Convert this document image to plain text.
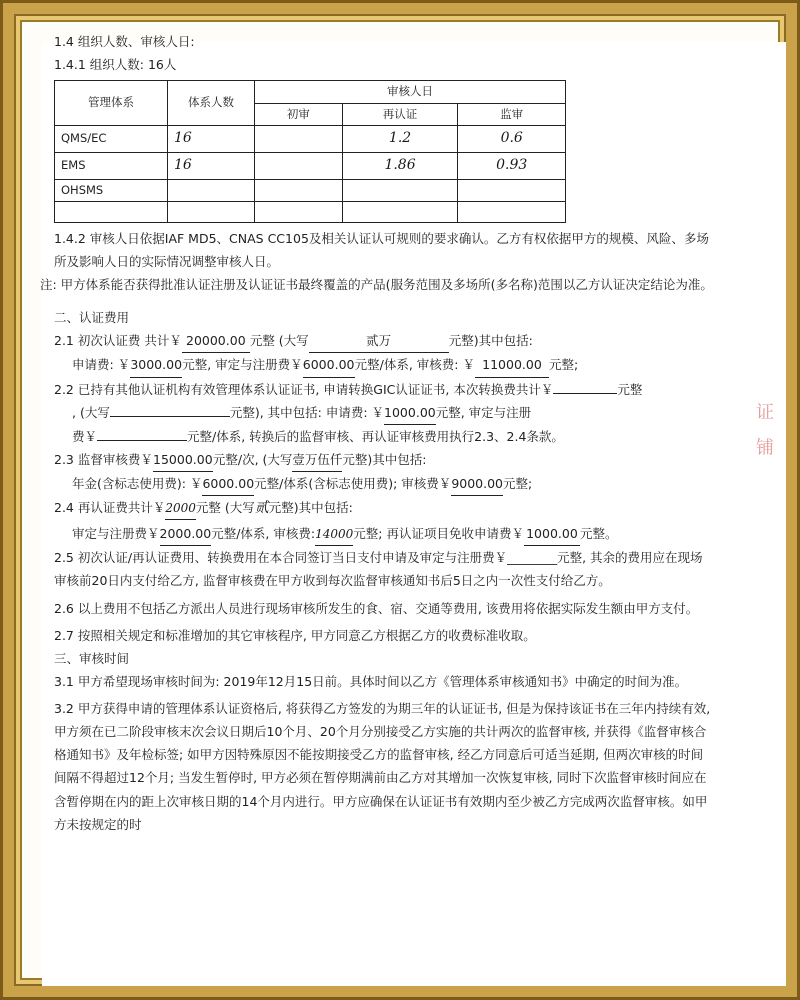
证 铺

1.4 组织人数、审核人日:

1.4.1 组织人数: 16人

管理体系	体系人数	审核人日		
		初审	再认证	监审
QMS/EC	16		1.2	0.6
EMS	16		1.86	0.93
OHSMS				

1.4.2 审核人日依据IAF MD5、CNAS CC105及相关认证认可规则的要求确认。乙方有权依据甲方的规模、风险、多场所及影响人日的实际情况调整审核人日。

注: 甲方体系能否获得批准认证注册及认证证书最终覆盖的产品(服务范围及多场所(多名称)范围以乙方认证决定结论为准。

二、认证费用

2.1 初次认证费 共计￥ 20000.00 元整 (大写	贰万	元整)其中包括:

申请费: ￥3000.00元整, 审定与注册费￥6000.00元整/体系, 审核费: ￥ 11000.00 元整;

2.2 已持有其他认证机构有效管理体系认证证书, 申请转换GIC认证证书, 本次转换费共计￥	元整

, (大写	元整), 其中包括: 申请费: ￥1000.00元整, 审定与注册

费￥	元整/体系, 转换后的监督审核、再认证审核费用执行2.3、2.4条款。

2.3 监督审核费￥15000.00元整/次, (大写壹万伍仟元整)其中包括:

年金(含标志使用费): ￥6000.00元整/体系(含标志使用费); 审核费￥9000.00元整;

2.4 再认证费共计￥2000元整 (大写贰元整)其中包括:

审定与注册费￥2000.00元整/体系, 审核费:14000元整; 再认证项目免收申请费￥ 1000.00 元整。

2.5 初次认证/再认证费用、转换费用在本合同签订当日支付申请及审定与注册费￥________元整, 其余的费用应在现场审核前20日内支付给乙方, 监督审核费在甲方收到每次监督审核通知书后5日之内一次性支付给乙方。

2.6 以上费用不包括乙方派出人员进行现场审核所发生的食、宿、交通等费用, 该费用将依据实际发生额由甲方支付。

2.7 按照相关规定和标准增加的其它审核程序, 甲方同意乙方根据乙方的收费标准收取。

三、审核时间

3.1 甲方希望现场审核时间为: 2019年12月15日前。具体时间以乙方《管理体系审核通知书》中确定的时间为准。

3.2 甲方获得申请的管理体系认证资格后, 将获得乙方签发的为期三年的认证证书, 但是为保持该证书在三年内持续有效, 甲方须在已二阶段审核末次会议日期后10个月、20个月分别接受乙方实施的共计两次的监督审核, 并获得《监督审核合格通知书》及年检标签; 如甲方因特殊原因不能按期接受乙方的监督审核, 经乙方同意后可适当延期, 但两次审核的时间间隔不得超过12个月; 当发生暂停时, 甲方必须在暂停期满前由乙方对其增加一次恢复审核, 同时下次监督审核时间应在含暂停期在内的距上次审核日期的14个月内进行。甲方应确保在认证证书有效期内至少被乙方完成两次监督审核。如甲方未按规定的时
